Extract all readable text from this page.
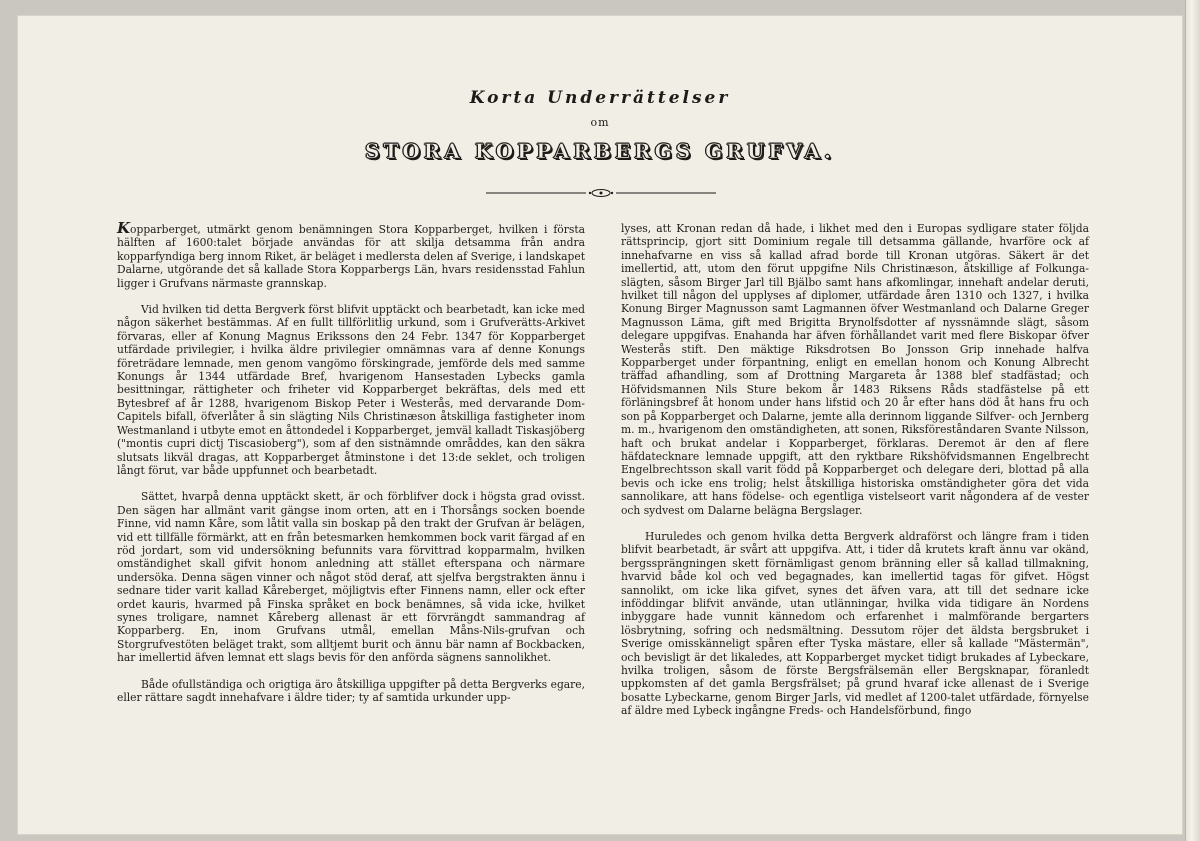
Korta Underrättelser
om
STORA KOPPARBERGS GRUFVA.

Kopparberget, utmärkt genom benämningen Stora Kopparberget, hvilken i första hälften af 1600:talet började användas för att skilja detsamma från andra kopparfyndiga berg innom Riket, är beläget i medlersta delen af Sverige, i landskapet Dalarne, utgörande det så kallade Stora Kopparbergs Län, hvars residensstad Fahlun ligger i Grufvans närmaste grannskap.

Vid hvilken tid detta Bergverk först blifvit upptäckt och bearbetadt, kan icke med någon säkerhet bestämmas. Af en fullt tillförlitlig urkund, som i Grufverätts-Arkivet förvaras, eller af Konung Magnus Erikssons den 24 Febr. 1347 för Kopparberget utfärdade privilegier, i hvilka äldre privilegier omnämnas vara af denne Konungs företrädare lemnade, men genom vangömo förskingrade, jemförde dels med samme Konungs år 1344 utfärdade Bref, hvarigenom Hansestaden Lybecks gamla besittningar, rättigheter och friheter vid Kopparberget bekräftas, dels med ett Bytesbref af år 1288, hvarigenom Biskop Peter i Westerås, med dervarande Dom-Capitels bifall, öfverlåter å sin slägting Nils Christinæson åtskilliga fastigheter inom Westmanland i utbyte emot en åttondedel i Kopparberget, jemväl kalladt Tiskasjöberg ("montis cupri dictj Tiscasioberg"), som af den sistnämnde områddes, kan den säkra slutsats likväl dragas, att Kopparberget åtminstone i det 13:de seklet, och troligen långt förut, var både uppfunnet och bearbetadt.

Sättet, hvarpå denna upptäckt skett, är och förblifver dock i högsta grad ovisst. Den sägen har allmänt varit gängse inom orten, att en i Thorsångs socken boende Finne, vid namn Kåre, som låtit valla sin boskap på den trakt der Grufvan är belägen, vid ett tillfälle förmärkt, att en från betesmarken hemkommen bock varit färgad af en röd jordart, som vid undersökning befunnits vara förvittrad kopparmalm, hvilken omständighet skall gifvit honom anledning att stället efterspana och närmare undersöka. Denna sägen vinner och något stöd deraf, att sjelfva bergstrakten ännu i sednare tider varit kallad Kåreberget, möjligtvis efter Finnens namn, eller ock efter ordet kauris, hvarmed på Finska språket en bock benämnes, så vida icke, hvilket synes troligare, namnet Kåreberg allenast är ett förvrängdt sammandrag af Kopparberg. En, inom Grufvans utmål, emellan Måns-Nils-grufvan och Storgrufvestöten beläget trakt, som alltjemt burit och ännu bär namn af Bockbacken, har imellertid äfven lemnat ett slags bevis för den anförda sägnens sannolikhet.

Både ofullständiga och origtiga äro åtskilliga uppgifter på detta Bergverks egare, eller rättare sagdt innehafvare i äldre tider; ty af samtida urkunder upp-

lyses, att Kronan redan då hade, i likhet med den i Europas sydligare stater följda rättsprincip, gjort sitt Dominium regale till detsamma gällande, hvarföre ock af innehafvarne en viss så kallad afrad borde till Kronan utgöras. Säkert är det imellertid, att, utom den förut uppgifne Nils Christinæson, åtskillige af Folkunga-slägten, såsom Birger Jarl till Bjälbo samt hans afkomlingar, innehaft andelar deruti, hvilket till någon del upplyses af diplomer, utfärdade åren 1310 och 1327, i hvilka Konung Birger Magnusson samt Lagmannen öfver Westmanland och Dalarne Greger Magnusson Läma, gift med Brigitta Brynolfsdotter af nyssnämnde slägt, såsom delegare uppgifvas. Enahanda har äfven förhållandet varit med flere Biskopar öfver Westerås stift. Den mäktige Riksdrotsen Bo Jonsson Grip innehade halfva Kopparberget under förpantning, enligt en emellan honom och Konung Albrecht träffad afhandling, som af Drottning Margareta år 1388 blef stadfästad; och Höfvidsmannen Nils Sture bekom år 1483 Riksens Råds stadfästelse på ett förläningsbref åt honom under hans lifstid och 20 år efter hans död åt hans fru och son på Kopparberget och Dalarne, jemte alla derinnom liggande Silfver- och Jernberg m. m., hvarigenom den omständigheten, att sonen, Riksföreståndaren Svante Nilsson, haft och brukat andelar i Kopparberget, förklaras. Deremot är den af flere häfdatecknare lemnade uppgift, att den ryktbare Rikshöfvidsmannen Engelbrecht Engelbrechtsson skall varit född på Kopparberget och delegare deri, blottad på alla bevis och icke ens trolig; helst åtskilliga historiska omständigheter göra det vida sannolikare, att hans födelse- och egentliga vistelseort varit någondera af de vester och sydvest om Dalarne belägna Bergslager.

Huruledes och genom hvilka detta Bergverk aldraförst och längre fram i tiden blifvit bearbetadt, är svårt att uppgifva. Att, i tider då krutets kraft ännu var okänd, bergssprängningen skett förnämligast genom bränning eller så kallad tillmakning, hvarvid både kol och ved begagnades, kan imellertid tagas för gifvet. Högst sannolikt, om icke lika gifvet, synes det äfven vara, att till det sednare icke inföddingar blifvit använde, utan utlänningar, hvilka vida tidigare än Nordens inbyggare hade vunnit kännedom och erfarenhet i malmförande bergarters lösbrytning, sofring och nedsmältning. Dessutom röjer det äldsta bergsbruket i Sverige omisskänneligt spåren efter Tyska mästare, eller så kallade "Mästermän", och bevisligt är det likaledes, att Kopparberget mycket tidigt brukades af Lybeckare, hvilka troligen, såsom de förste Bergsfrälsemän eller Bergsknapar, föranledt uppkomsten af det gamla Bergsfrälset; på grund hvaraf icke allenast de i Sverige bosatte Lybeckarne, genom Birger Jarls, vid medlet af 1200-talet utfärdade, förnyelse af äldre med Lybeck ingångne Freds- och Handelsförbund, fingo
